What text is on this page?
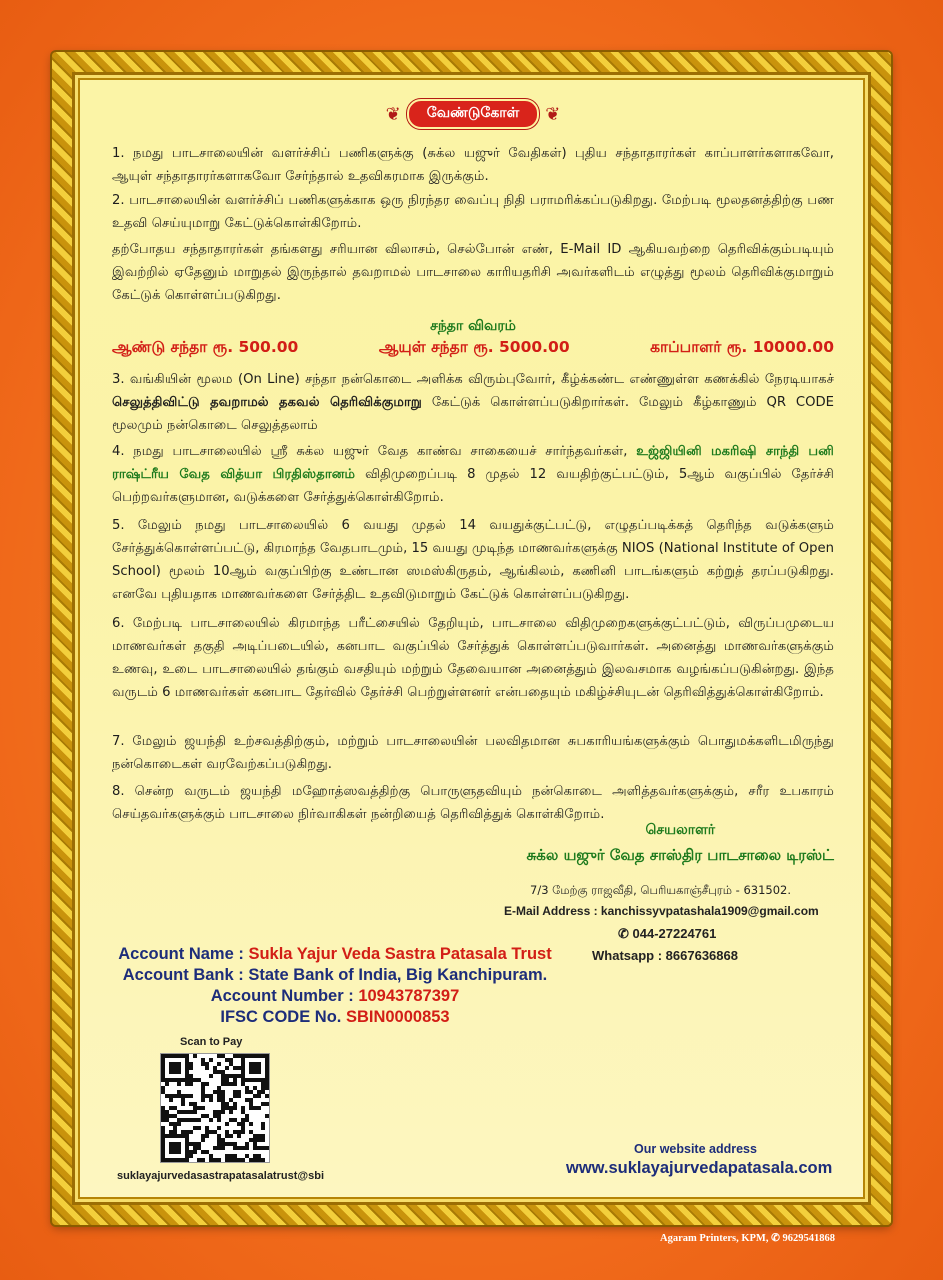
❦	வேண்டுகோள்	❦
1. நமது பாடசாலையின் வளர்ச்சிப் பணிகளுக்கு (சுக்ல யஜுர் வேதிகள்) புதிய சந்தாதாரர்கள் காப்பாளர்களாகவோ, ஆயுள் சந்தாதாரர்களாகவோ சேர்ந்தால் உதவிகரமாக இருக்கும்.
2. பாடசாலையின் வளர்ச்சிப் பணிகளுக்காக ஒரு நிரந்தர வைப்பு நிதி பராமரிக்கப்படுகிறது. மேற்படி மூலதனத்திற்கு பண உதவி செய்யுமாறு கேட்டுக்கொள்கிறோம்.
தற்போதய சந்தாதாரர்கள் தங்களது சரியான விலாசம், செல்போன் எண், E-Mail ID ஆகியவற்றை தெரிவிக்கும்படியும் இவற்றில் ஏதேனும் மாறுதல் இருந்தால் தவறாமல் பாடசாலை காரியதரிசி அவர்களிடம் எழுத்து மூலம் தெரிவிக்குமாறும் கேட்டுக் கொள்ளப்படுகிறது.
சந்தா விவரம்
ஆண்டு சந்தா ரூ. 500.00	ஆயுள் சந்தா ரூ. 5000.00	காப்பாளர் ரூ. 10000.00
3. வங்கியின் மூலம (On Line) சந்தா நன்கொடை அளிக்க விரும்புவோர், கீழ்க்கண்ட எண்ணுள்ள கணக்கில் நேரடியாகச் செலுத்திவிட்டு தவறாமல் தகவல் தெரிவிக்குமாறு கேட்டுக் கொள்ளப்படுகிறார்கள். மேலும் கீழ்காணும் QR CODE மூலமும் நன்கொடை செலுத்தலாம்
4. நமது பாடசாலையில் ஸ்ரீ சுக்ல யஜுர் வேத காண்வ சாகையைச் சார்ந்தவர்கள், உஜ்ஜியினி மகரிஷி சாந்தி பனி ராஷ்ட்ரீய வேத வித்யா பிரதிஸ்தானம் விதிமுறைப்படி 8 முதல் 12 வயதிற்குட்பட்டும், 5ஆம் வகுப்பில் தேர்ச்சி பெற்றவர்களுமான, வடுக்களை சேர்த்துக்கொள்கிறோம்.
5. மேலும் நமது பாடசாலையில் 6 வயது முதல் 14 வயதுக்குட்பட்டு, எழுதப்படிக்கத் தெரிந்த வடுக்களும் சேர்த்துக்கொள்ளப்பட்டு, கிரமாந்த வேதபாடமும், 15 வயது முடிந்த மாணவர்களுக்கு NIOS (National Institute of Open School) மூலம் 10ஆம் வகுப்பிற்கு உண்டான ஸமஸ்கிருதம், ஆங்கிலம், கணினி பாடங்களும் கற்றுத் தரப்படுகிறது. எனவே புதியதாக மாணவர்களை சேர்த்திட உதவிடுமாறும் கேட்டுக் கொள்ளப்படுகிறது.
6. மேற்படி பாடசாலையில் கிரமாந்த பரீட்சையில் தேறியும், பாடசாலை விதிமுறைகளுக்குட்பட்டும், விருப்பமுடைய மாணவர்கள் தகுதி அடிப்படையில், கனபாட வகுப்பில் சேர்த்துக் கொள்ளப்படுவார்கள். அனைத்து மாணவர்களுக்கும் உணவு, உடை பாடசாலையில் தங்கும் வசதியும் மற்றும் தேவையான அனைத்தும் இலவசமாக வழங்கப்படுகின்றது. இந்த வருடம் 6 மாணவர்கள் கனபாட தேர்வில் தேர்ச்சி பெற்றுள்ளனர் என்பதையும் மகிழ்ச்சியுடன் தெரிவித்துக்கொள்கிறோம்.
7. மேலும் ஜயந்தி உற்சவத்திற்கும், மற்றும் பாடசாலையின் பலவிதமான சுபகாரியங்களுக்கும் பொதுமக்களிடமிருந்து நன்கொடைகள் வரவேற்கப்படுகிறது.
8. சென்ற வருடம் ஜயந்தி மஹோத்ஸவத்திற்கு பொருளுதவியும் நன்கொடை அளித்தவர்களுக்கும், சரீர உபகாரம் செய்தவர்களுக்கும் பாடசாலை நிர்வாகிகள் நன்றியைத் தெரிவித்துக் கொள்கிறோம்.
செயலாளர்
சுக்ல யஜுர் வேத சாஸ்திர பாடசாலை டிரஸ்ட்
7/3 மேற்கு ராஜவீதி, பெரியகாஞ்சீபுரம் - 631502.
E-Mail Address : kanchissyvpatashala1909@gmail.com
✆ 044-27224761
Whatsapp : 8667636868
Account Name : Sukla Yajur Veda Sastra Patasala Trust
Account Bank : State Bank of India, Big Kanchipuram.
Account Number : 10943787397
IFSC CODE No. SBIN0000853
Scan to Pay
suklayajurvedasastrapatasalatrust@sbi
Our website address
www.suklayajurvedapatasala.com
Agaram Printers, KPM, ✆ 9629541868
